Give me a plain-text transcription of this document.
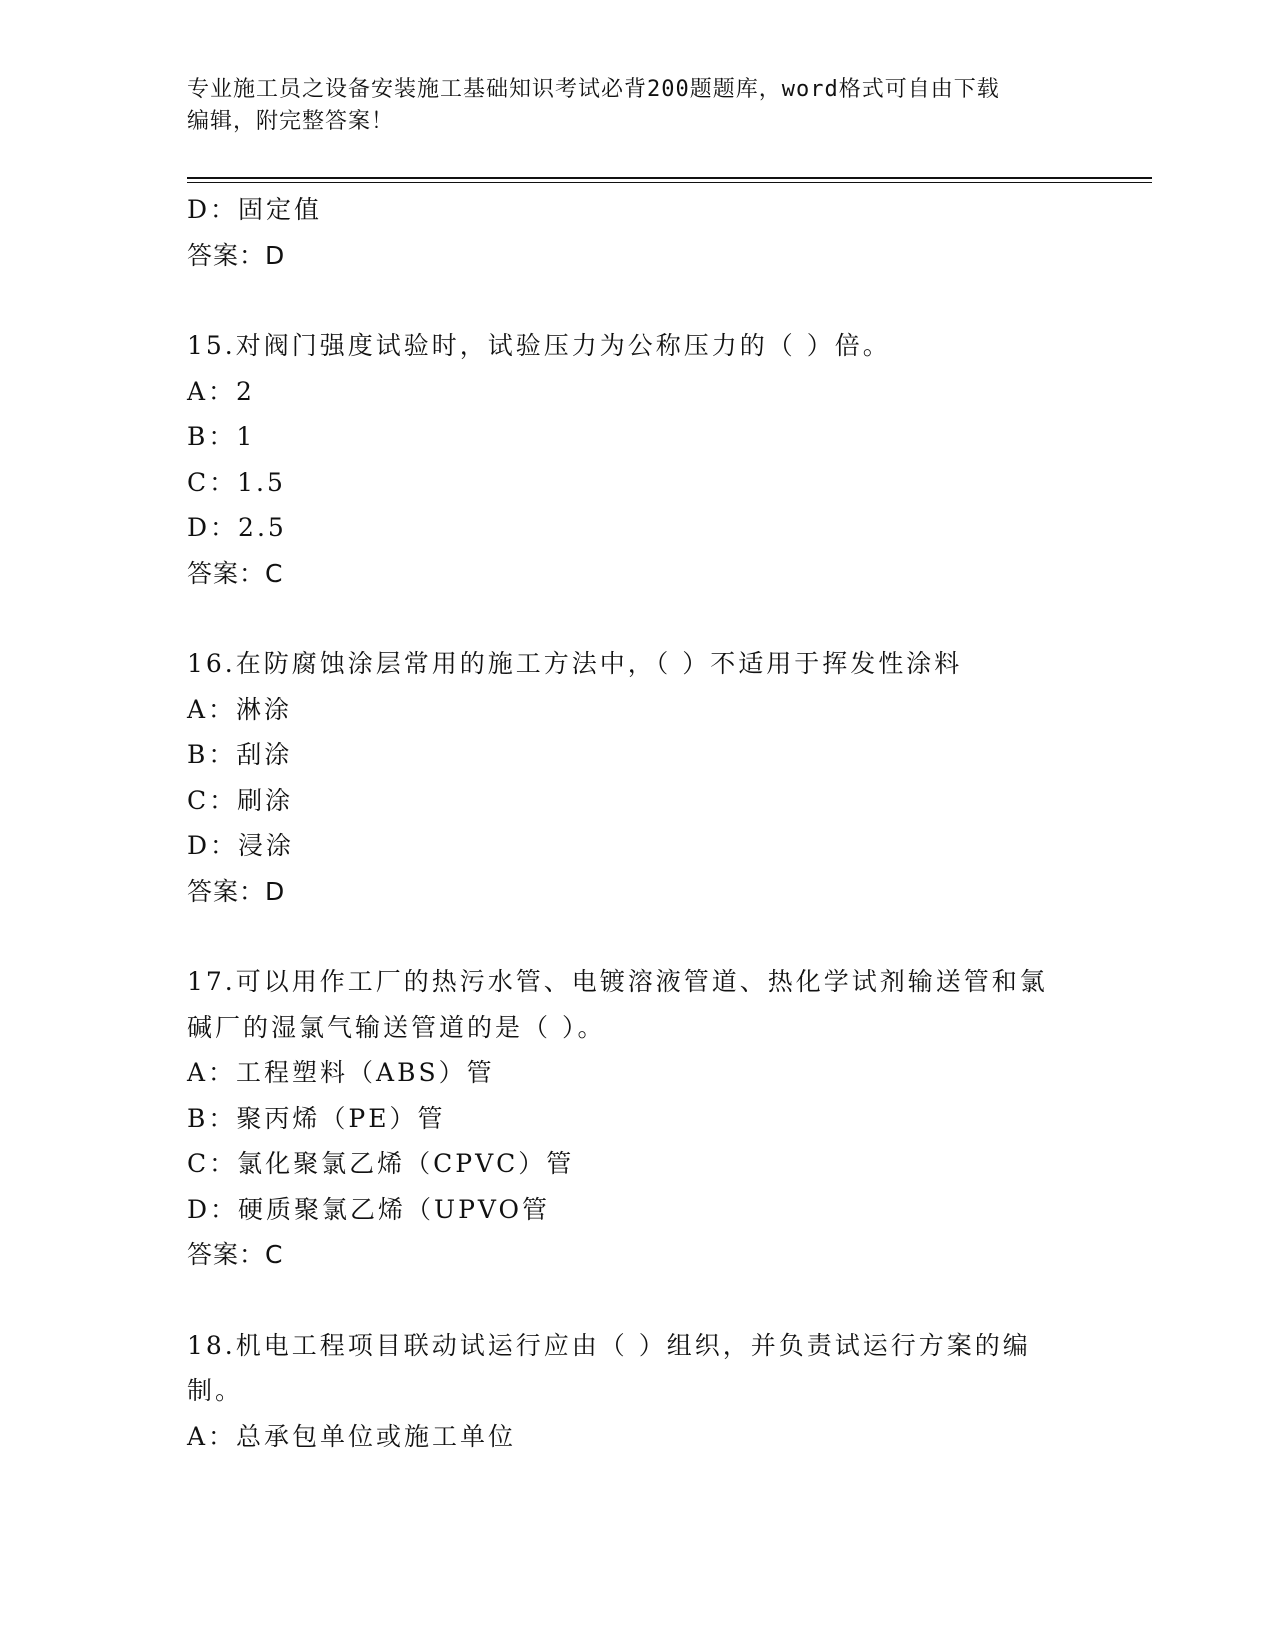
专业施工员之设备安装施工基础知识考试必背200题题库，word格式可自由下载
编辑，附完整答案！
D：固定值
答案：D
15.对阀门强度试验时，试验压力为公称压力的（ ）倍。
A：2
B：1
C：1.5
D：2.5
答案：C
16.在防腐蚀涂层常用的施工方法中，（ ）不适用于挥发性涂料
A：淋涂
B：刮涂
C：刷涂
D：浸涂
答案：D
17.可以用作工厂的热污水管、电镀溶液管道、热化学试剂输送管和氯
碱厂的湿氯气输送管道的是（ ）。
A：工程塑料（ABS）管
B：聚丙烯（PE）管
C：氯化聚氯乙烯（CPVC）管
D：硬质聚氯乙烯（UPVO管
答案：C
18.机电工程项目联动试运行应由（ ）组织，并负责试运行方案的编
制。
A：总承包单位或施工单位
